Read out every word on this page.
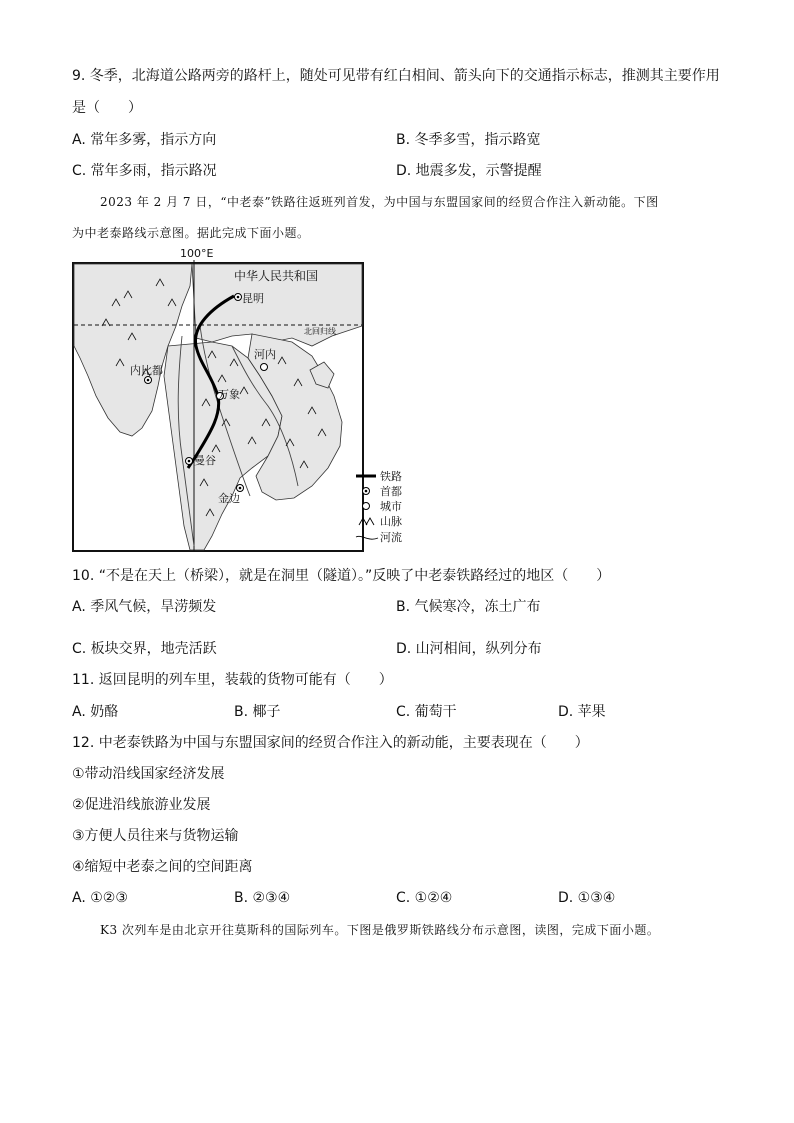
9. 冬季，北海道公路两旁的路杆上，随处可见带有红白相间、箭头向下的交通指示标志，推测其主要作用
是（　　）
A. 常年多雾，指示方向	B. 冬季多雪，指示路宽
C. 常年多雨，指示路况	D. 地震多发，示警提醒
2023 年 2 月 7 日，“中老泰”铁路往返班列首发，为中国与东盟国家间的经贸合作注入新动能。下图
为中老泰路线示意图。据此完成下面小题。
北回归线
100°E
中华人民共和国
昆明
内比都
河内
万象
曼谷
金边
铁路
首都
城市
山脉
河流
10. “不是在天上（桥梁），就是在洞里（隧道）。”反映了中老泰铁路经过的地区（　　）
A. 季风气候，旱涝频发	B. 气候寒冷，冻土广布
C. 板块交界，地壳活跃	D. 山河相间，纵列分布
11. 返回昆明的列车里，装载的货物可能有（　　）
A. 奶酪	B. 椰子	C. 葡萄干	D. 苹果
12. 中老泰铁路为中国与东盟国家间的经贸合作注入的新动能，主要表现在（　　）
①带动沿线国家经济发展
②促进沿线旅游业发展
③方便人员往来与货物运输
④缩短中老泰之间的空间距离
A. ①②③	B. ②③④	C. ①②④	D. ①③④
K3 次列车是由北京开往莫斯科的国际列车。下图是俄罗斯铁路线分布示意图，读图，完成下面小题。
